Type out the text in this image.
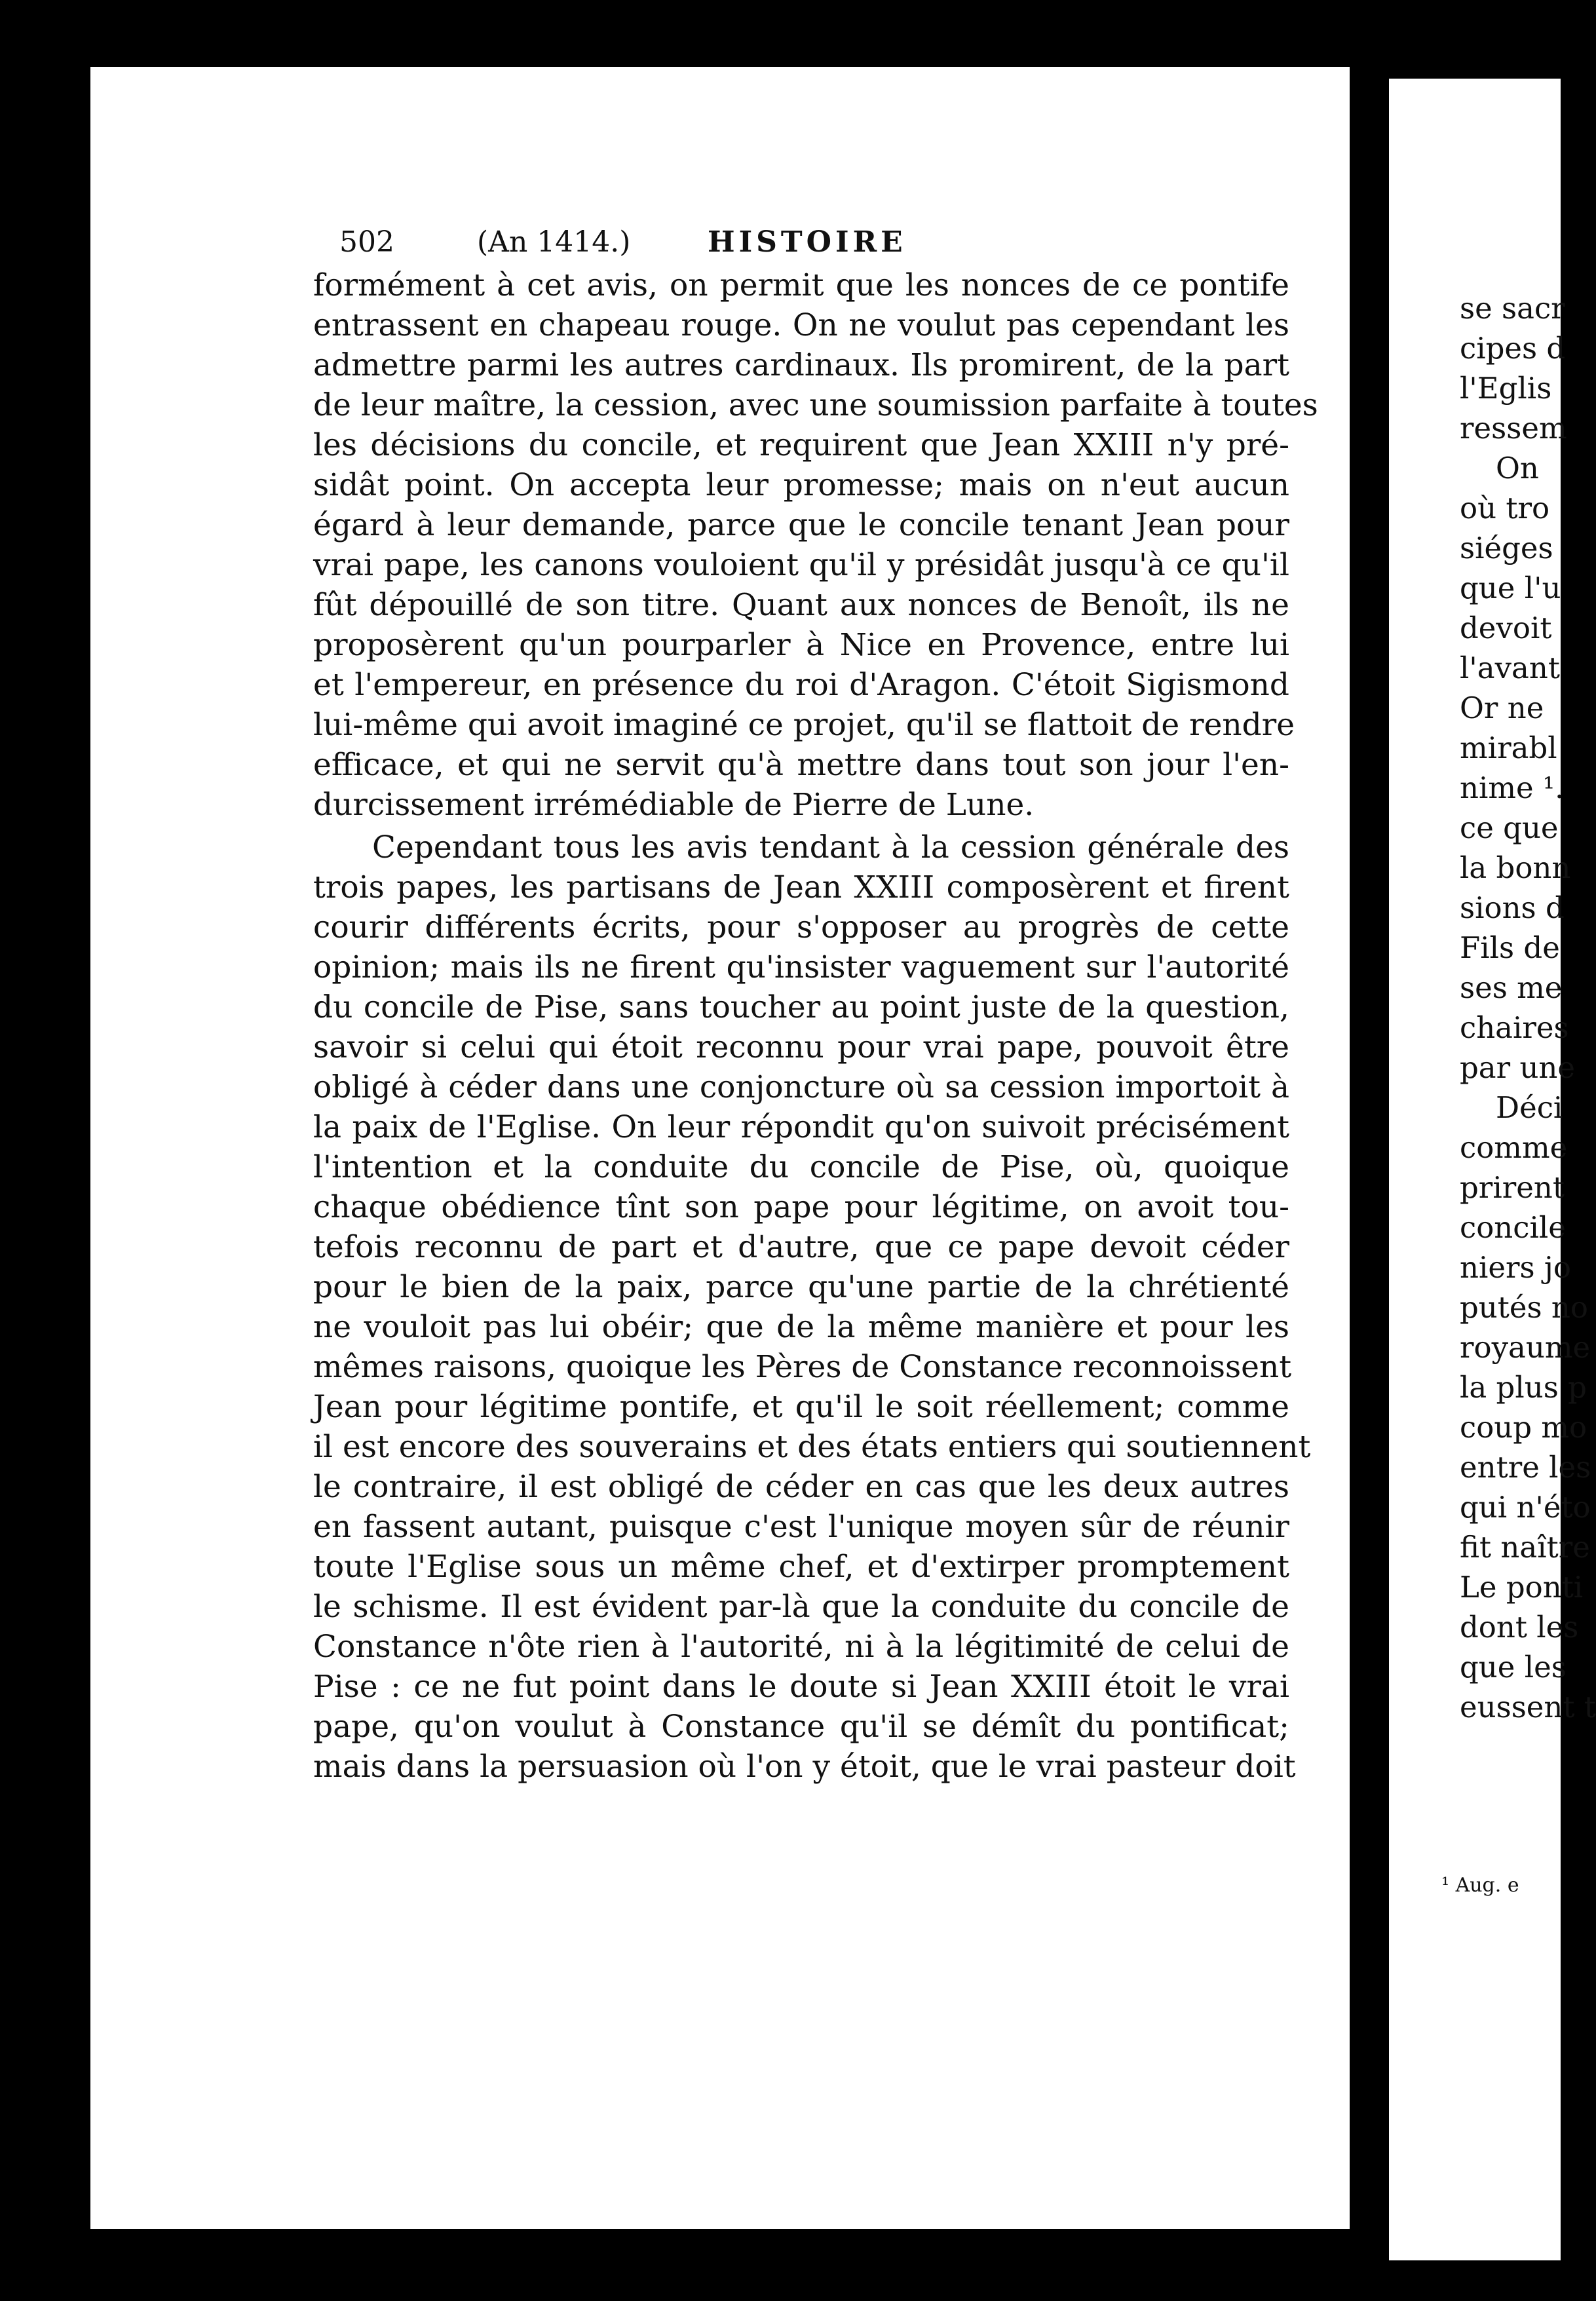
502	(An 1414.)	HISTOIRE
formément à cet avis, on permit que les nonces de ce pontife
entrassent en chapeau rouge. On ne voulut pas cependant les
admettre parmi les autres cardinaux. Ils promirent, de la part
de leur maître, la cession, avec une soumission parfaite à toutes
les décisions du concile, et requirent que Jean XXIII n'y pré-
sidât point. On accepta leur promesse; mais on n'eut aucun
égard à leur demande, parce que le concile tenant Jean pour
vrai pape, les canons vouloient qu'il y présidât jusqu'à ce qu'il
fût dépouillé de son titre. Quant aux nonces de Benoît, ils ne
proposèrent qu'un pourparler à Nice en Provence, entre lui
et l'empereur, en présence du roi d'Aragon. C'étoit Sigismond
lui-même qui avoit imaginé ce projet, qu'il se flattoit de rendre
efficace, et qui ne servit qu'à mettre dans tout son jour l'en-
durcissement irrémédiable de Pierre de Lune.
Cependant tous les avis tendant à la cession générale des
trois papes, les partisans de Jean XXIII composèrent et firent
courir différents écrits, pour s'opposer au progrès de cette
opinion; mais ils ne firent qu'insister vaguement sur l'autorité
du concile de Pise, sans toucher au point juste de la question,
savoir si celui qui étoit reconnu pour vrai pape, pouvoit être
obligé à céder dans une conjoncture où sa cession importoit à
la paix de l'Eglise. On leur répondit qu'on suivoit précisément
l'intention et la conduite du concile de Pise, où, quoique
chaque obédience tînt son pape pour légitime, on avoit tou-
tefois reconnu de part et d'autre, que ce pape devoit céder
pour le bien de la paix, parce qu'une partie de la chrétienté
ne vouloit pas lui obéir; que de la même manière et pour les
mêmes raisons, quoique les Pères de Constance reconnoissent
Jean pour légitime pontife, et qu'il le soit réellement; comme
il est encore des souverains et des états entiers qui soutiennent
le contraire, il est obligé de céder en cas que les deux autres
en fassent autant, puisque c'est l'unique moyen sûr de réunir
toute l'Eglise sous un même chef, et d'extirper promptement
le schisme. Il est évident par-là que la conduite du concile de
Constance n'ôte rien à l'autorité, ni à la légitimité de celui de
Pise : ce ne fut point dans le doute si Jean XXIII étoit le vrai
pape, qu'on voulut à Constance qu'il se démît du pontificat;
mais dans la persuasion où l'on y étoit, que le vrai pasteur doit
se sacr
cipes d
l'Eglis
ressem
On
où tro
siéges
que l'u
devoit
l'avant
Or ne
mirabl
nime ¹.
ce que
la bonn
sions d
Fils de
ses me
chaires
par une
Déci
comme
prirent
concile
niers jo
putés no
royaume
la plus p
coup mo
entre les
qui n'éto
fit naître
Le ponti
dont les
que les
eussent t
¹ Aug. e
